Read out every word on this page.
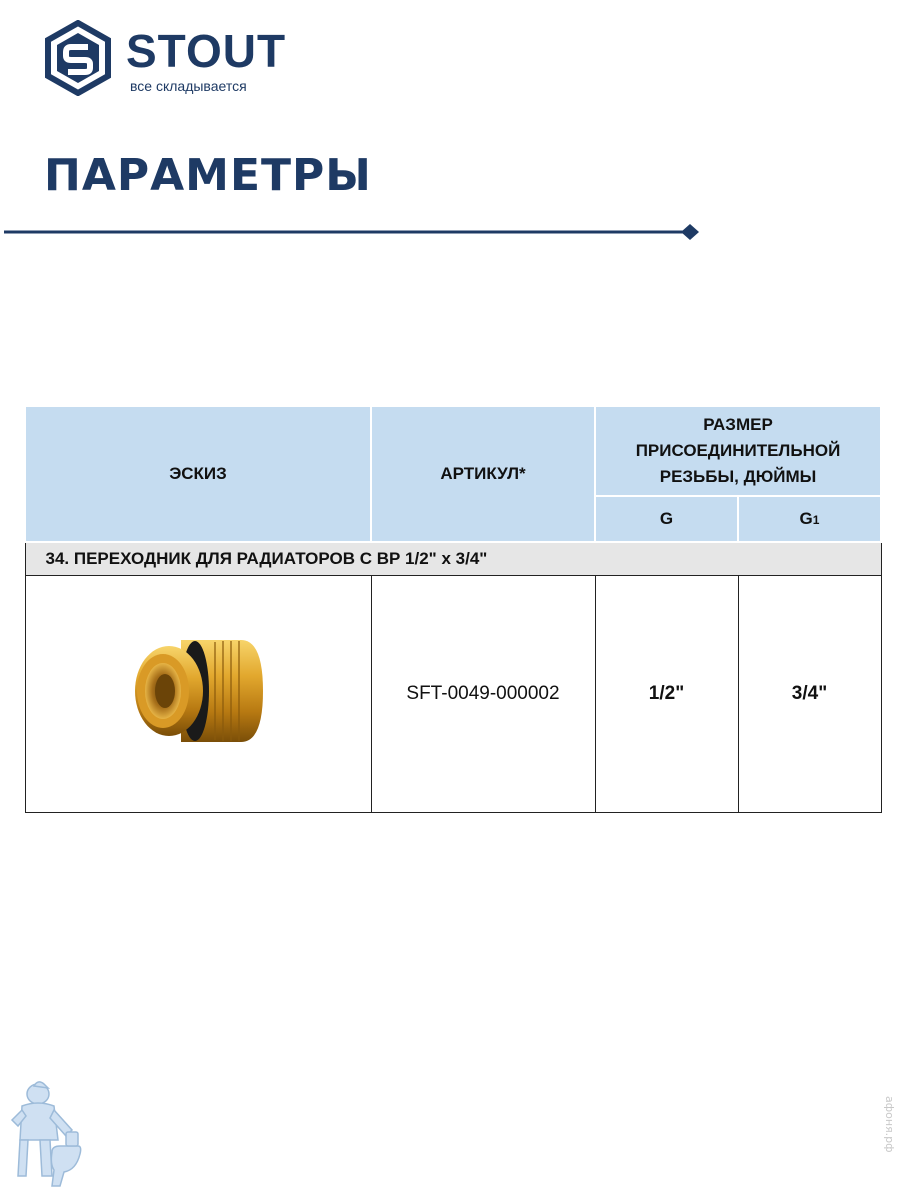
STOUT
все складывается
ПАРАМЕТРЫ
ЭСКИЗ	АРТИКУЛ*	РАЗМЕР ПРИСОЕДИНИТЕЛЬНОЙ РЕЗЬБЫ, ДЮЙМЫ	
		G	G1
34. ПЕРЕХОДНИК ДЛЯ РАДИАТОРОВ С ВР 1/2" х 3/4"			
	SFT-0049-000002	1/2"	3/4"
афоня.рф
